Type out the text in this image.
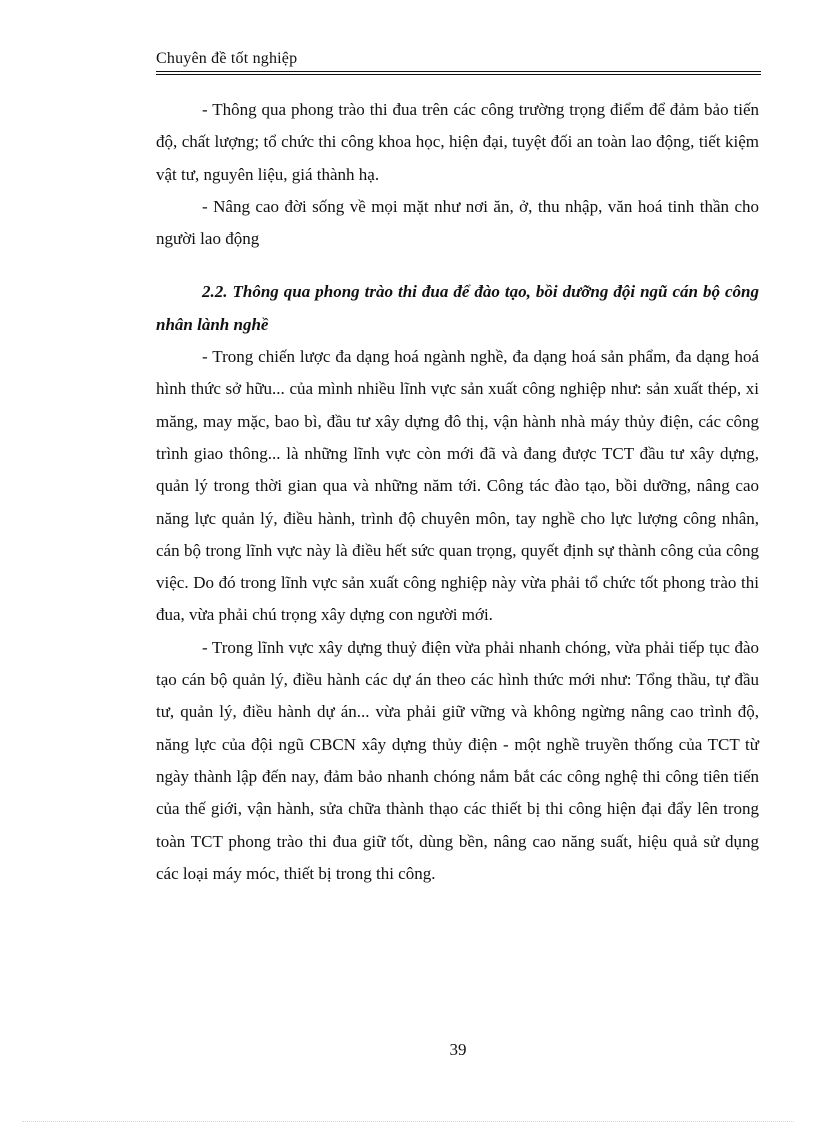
Chuyên đề tốt nghiệp

- Thông qua phong trào thi đua trên các công trường trọng điểm để đảm bảo tiến độ, chất lượng; tổ chức thi công khoa học, hiện đại, tuyệt đối an toàn lao động, tiết kiệm vật tư, nguyên liệu, giá thành hạ.

- Nâng cao đời sống về mọi mặt như nơi ăn, ở, thu nhập, văn hoá tinh thần cho người lao động

2.2. Thông qua phong trào thi đua để đào tạo, bồi dưỡng đội ngũ cán bộ công nhân lành nghề

- Trong chiến lược đa dạng hoá ngành nghề, đa dạng hoá sản phẩm, đa dạng hoá hình thức sở hữu... của mình nhiều lĩnh vực sản xuất công nghiệp như: sản xuất thép, xi măng, may mặc, bao bì, đầu tư xây dựng đô thị, vận hành nhà máy thủy điện, các công trình giao thông... là những lĩnh vực còn mới đã và đang được TCT đầu tư xây dựng, quản lý trong thời gian qua và những năm tới. Công tác đào tạo, bồi dưỡng, nâng cao năng lực quản lý, điều hành, trình độ chuyên môn, tay nghề cho lực lượng công nhân, cán bộ trong lĩnh vực này là điều hết sức quan trọng, quyết định sự thành công của công việc. Do đó trong lĩnh vực sản xuất công nghiệp này vừa phải tổ chức tốt phong trào thi đua, vừa phải chú trọng xây dựng con người mới.

- Trong lĩnh vực xây dựng thuỷ điện vừa phải nhanh chóng, vừa phải tiếp tục đào tạo cán bộ quản lý, điều hành các dự án theo các hình thức mới như: Tổng thầu, tự đầu tư, quản lý, điều hành dự án... vừa phải giữ vững và không ngừng nâng cao trình độ, năng lực của đội ngũ CBCN xây dựng thủy điện - một nghề truyền thống của TCT từ ngày thành lập đến nay, đảm bảo nhanh chóng nắm bắt các công nghệ thi công tiên tiến của thế giới, vận hành, sửa chữa thành thạo các thiết bị thi công hiện đại đẩy lên trong toàn TCT phong trào thi đua giữ tốt, dùng bền, nâng cao năng suất, hiệu quả sử dụng các loại máy móc, thiết bị trong thi công.

39
